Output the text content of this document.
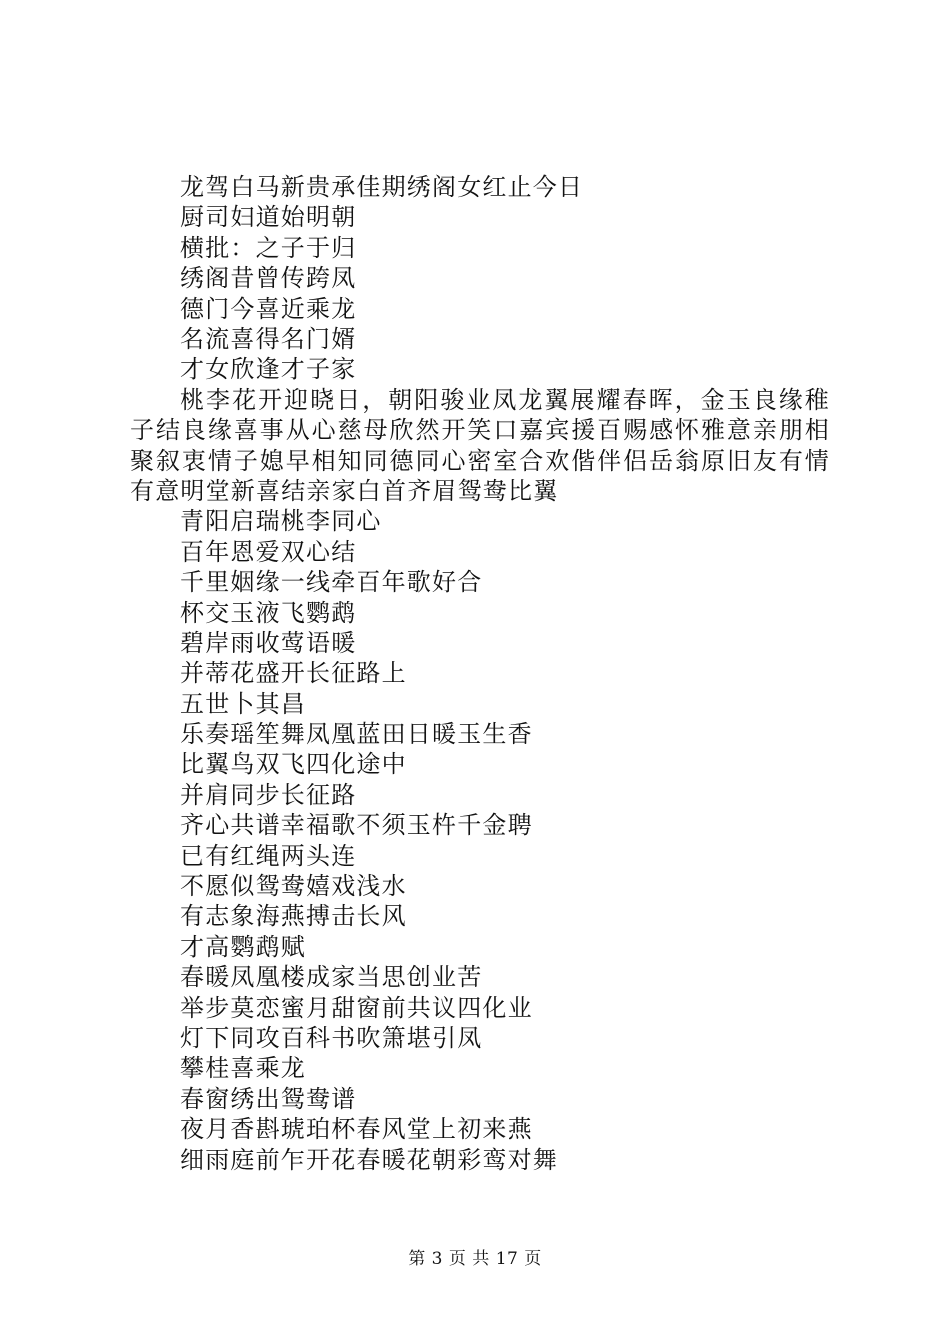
龙驾白马新贵承佳期绣阁女红止今日
厨司妇道始明朝
横批：之子于归
绣阁昔曾传跨凤
德门今喜近乘龙
名流喜得名门婿
才女欣逢才子家
桃李花开迎晓日，朝阳骏业凤龙翼展耀春晖，金玉良缘稚子结良缘喜事从心慈母欣然开笑口嘉宾援百赐感怀雅意亲朋相聚叙衷情子媳早相知同德同心密室合欢偕伴侣岳翁原旧友有情有意明堂新喜结亲家白首齐眉鸳鸯比翼
青阳启瑞桃李同心
百年恩爱双心结
千里姻缘一线牵百年歌好合
杯交玉液飞鹦鹉
碧岸雨收莺语暖
并蒂花盛开长征路上
五世卜其昌
乐奏瑶笙舞凤凰蓝田日暖玉生香
比翼鸟双飞四化途中
并肩同步长征路
齐心共谱幸福歌不须玉杵千金聘
已有红绳两头连
不愿似鸳鸯嬉戏浅水
有志象海燕搏击长风
才高鹦鹉赋
春暖凤凰楼成家当思创业苦
举步莫恋蜜月甜窗前共议四化业
灯下同攻百科书吹箫堪引凤
攀桂喜乘龙
春窗绣出鸳鸯谱
夜月香斟琥珀杯春风堂上初来燕
细雨庭前乍开花春暖花朝彩鸾对舞
第 3 页 共 17 页
